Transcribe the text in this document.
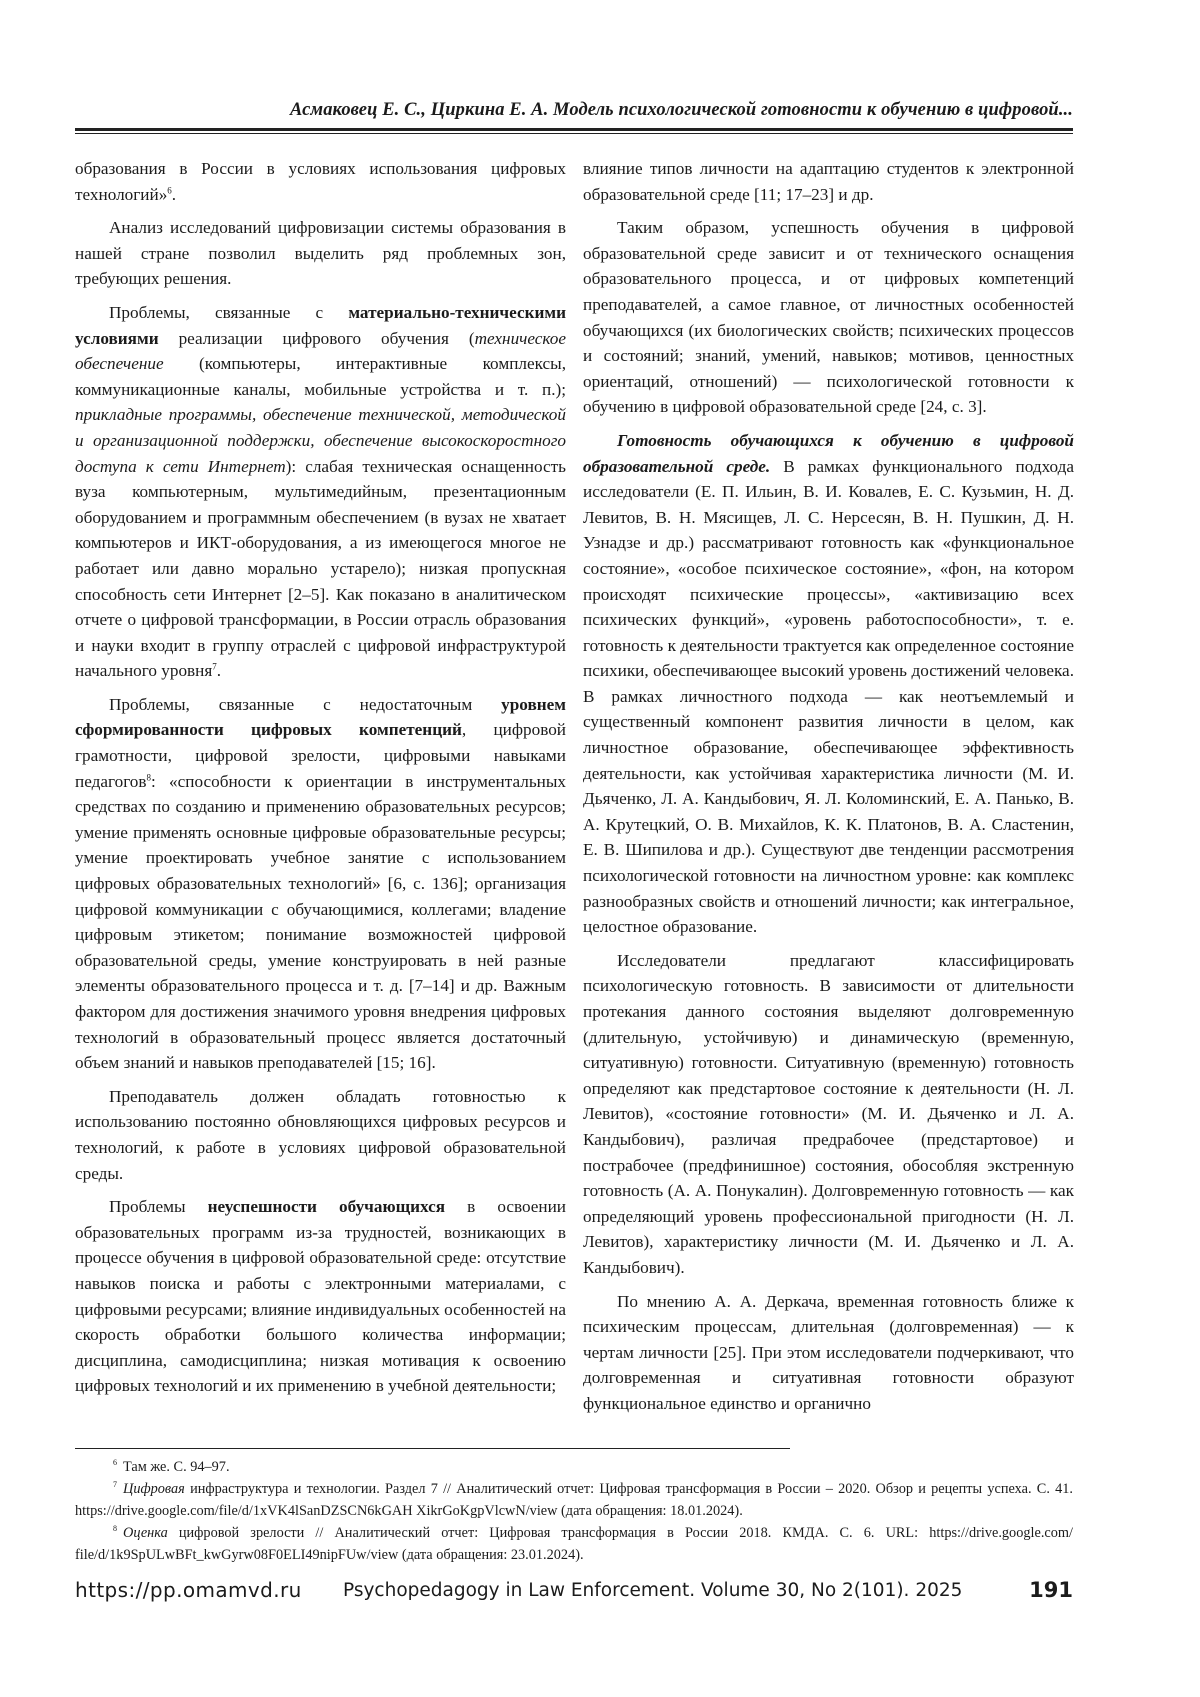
Асмаковец Е. С., Циркина Е. А. Модель психологической готовности к обучению в цифровой...

образования в России в условиях использования цифровых технологий»$^6$.

Анализ исследований цифровизации системы образования в нашей стране позволил выделить ряд проблемных зон, требующих решения.

Проблемы, связанные с материально-техническими условиями реализации цифрового обучения (техническое обеспечение (компьютеры, интерактивные комплексы, коммуникационные каналы, мобильные устройства и т. п.); прикладные программы, обеспечение технической, методической и организационной поддержки, обеспечение высокоскоростного доступа к сети Интернет): слабая техническая оснащенность вуза компьютерным, мультимедийным, презентационным оборудованием и программным обеспечением (в вузах не хватает компьютеров и ИКТ-оборудования, а из имеющегося многое не работает или давно морально устарело); низкая пропускная способность сети Интернет [2–5]. Как показано в аналитическом отчете о цифровой трансформации, в России отрасль образования и науки входит в группу отраслей с цифровой инфраструктурой начального уровня$^7$.

Проблемы, связанные с недостаточным уровнем сформированности цифровых компетенций, цифровой грамотности, цифровой зрелости, цифровыми навыками педагогов$^8$: «способности к ориентации в инструментальных средствах по созданию и применению образовательных ресурсов; умение применять основные цифровые образовательные ресурсы; умение проектировать учебное занятие с использованием цифровых образовательных технологий» [6, с. 136]; организация цифровой коммуникации с обучающимися, коллегами; владение цифровым этикетом; понимание возможностей цифровой образовательной среды, умение конструировать в ней разные элементы образовательного процесса и т. д. [7–14] и др. Важным фактором для достижения значимого уровня внедрения цифровых технологий в образовательный процесс является достаточный объем знаний и навыков преподавателей [15; 16].

Преподаватель должен обладать готовностью к использованию постоянно обновляющихся цифровых ресурсов и технологий, к работе в условиях цифровой образовательной среды.

Проблемы неуспешности обучающихся в освоении образовательных программ из-за трудностей, возникающих в процессе обучения в цифровой образовательной среде: отсутствие навыков поиска и работы с электронными материалами, с цифровыми ресурсами; влияние индивидуальных особенностей на скорость обработки большого количества информации; дисциплина, самодисциплина; низкая мотивация к освоению цифровых технологий и их применению в учебной деятельности;

влияние типов личности на адаптацию студентов к электронной образовательной среде [11; 17–23] и др.

Таким образом, успешность обучения в цифровой образовательной среде зависит и от технического оснащения образовательного процесса, и от цифровых компетенций преподавателей, а самое главное, от личностных особенностей обучающихся (их биологических свойств; психических процессов и состояний; знаний, умений, навыков; мотивов, ценностных ориентаций, отношений) — психологической готовности к обучению в цифровой образовательной среде [24, с. 3].

Готовность обучающихся к обучению в цифровой образовательной среде. В рамках функционального подхода исследователи (Е. П. Ильин, В. И. Ковалев, Е. С. Кузьмин, Н. Д. Левитов, В. Н. Мясищев, Л. С. Нерсесян, В. Н. Пушкин, Д. Н. Узнадзе и др.) рассматривают готовность как «функциональное состояние», «особое психическое состояние», «фон, на котором происходят психические процессы», «активизацию всех психических функций», «уровень работоспособности», т. е. готовность к деятельности трактуется как определенное состояние психики, обеспечивающее высокий уровень достижений человека. В рамках личностного подхода — как неотъемлемый и существенный компонент развития личности в целом, как личностное образование, обеспечивающее эффективность деятельности, как устойчивая характеристика личности (М. И. Дьяченко, Л. А. Кандыбович, Я. Л. Коломинский, Е. А. Панько, В. А. Крутецкий, О. В. Михайлов, К. К. Платонов, В. А. Сластенин, Е. В. Шипилова и др.). Существуют две тенденции рассмотрения психологической готовности на личностном уровне: как комплекс разнообразных свойств и отношений личности; как интегральное, целостное образование.

Исследователи предлагают классифицировать психологическую готовность. В зависимости от длительности протекания данного состояния выделяют долговременную (длительную, устойчивую) и динамическую (временную, ситуативную) готовности. Ситуативную (временную) готовность определяют как предстартовое состояние к деятельности (Н. Л. Левитов), «состояние готовности» (М. И. Дьяченко и Л. А. Кандыбович), различая предрабочее (предстартовое) и пострабочее (предфинишное) состояния, обособляя экстренную готовность (А. А. Понукалин). Долговременную готовность — как определяющий уровень профессиональной пригодности (Н. Л. Левитов), характеристику личности (М. И. Дьяченко и Л. А. Кандыбович).

По мнению А. А. Деркача, временная готовность ближе к психическим процессам, длительная (долговременная) — к чертам личности [25]. При этом исследователи подчеркивают, что долговременная и ситуативная готовности образуют функциональное единство и органично

$^6$ Там же. С. 94–97.

$^7$ Цифровая инфраструктура и технологии. Раздел 7 // Аналитический отчет: Цифровая трансформация в России – 2020. Обзор и рецепты успеха. С. 41. https://drive.google.com/file/d/1xVK4lSanDZSCN6kGAH XikrGoKgpVlcwN/view (дата обращения: 18.01.2024).

$^8$ Оценка цифровой зрелости // Аналитический отчет: Цифровая трансформация в России 2018. КМДА. С. 6. URL: https://drive.google.com/ file/d/1k9SpULwBFt_kwGyrw08F0ELI49nipFUw/view (дата обращения: 23.01.2024).

https://pp.omamvd.ru Psychopedagogy in Law Enforcement. Volume 30, No 2(101). 2025	191
